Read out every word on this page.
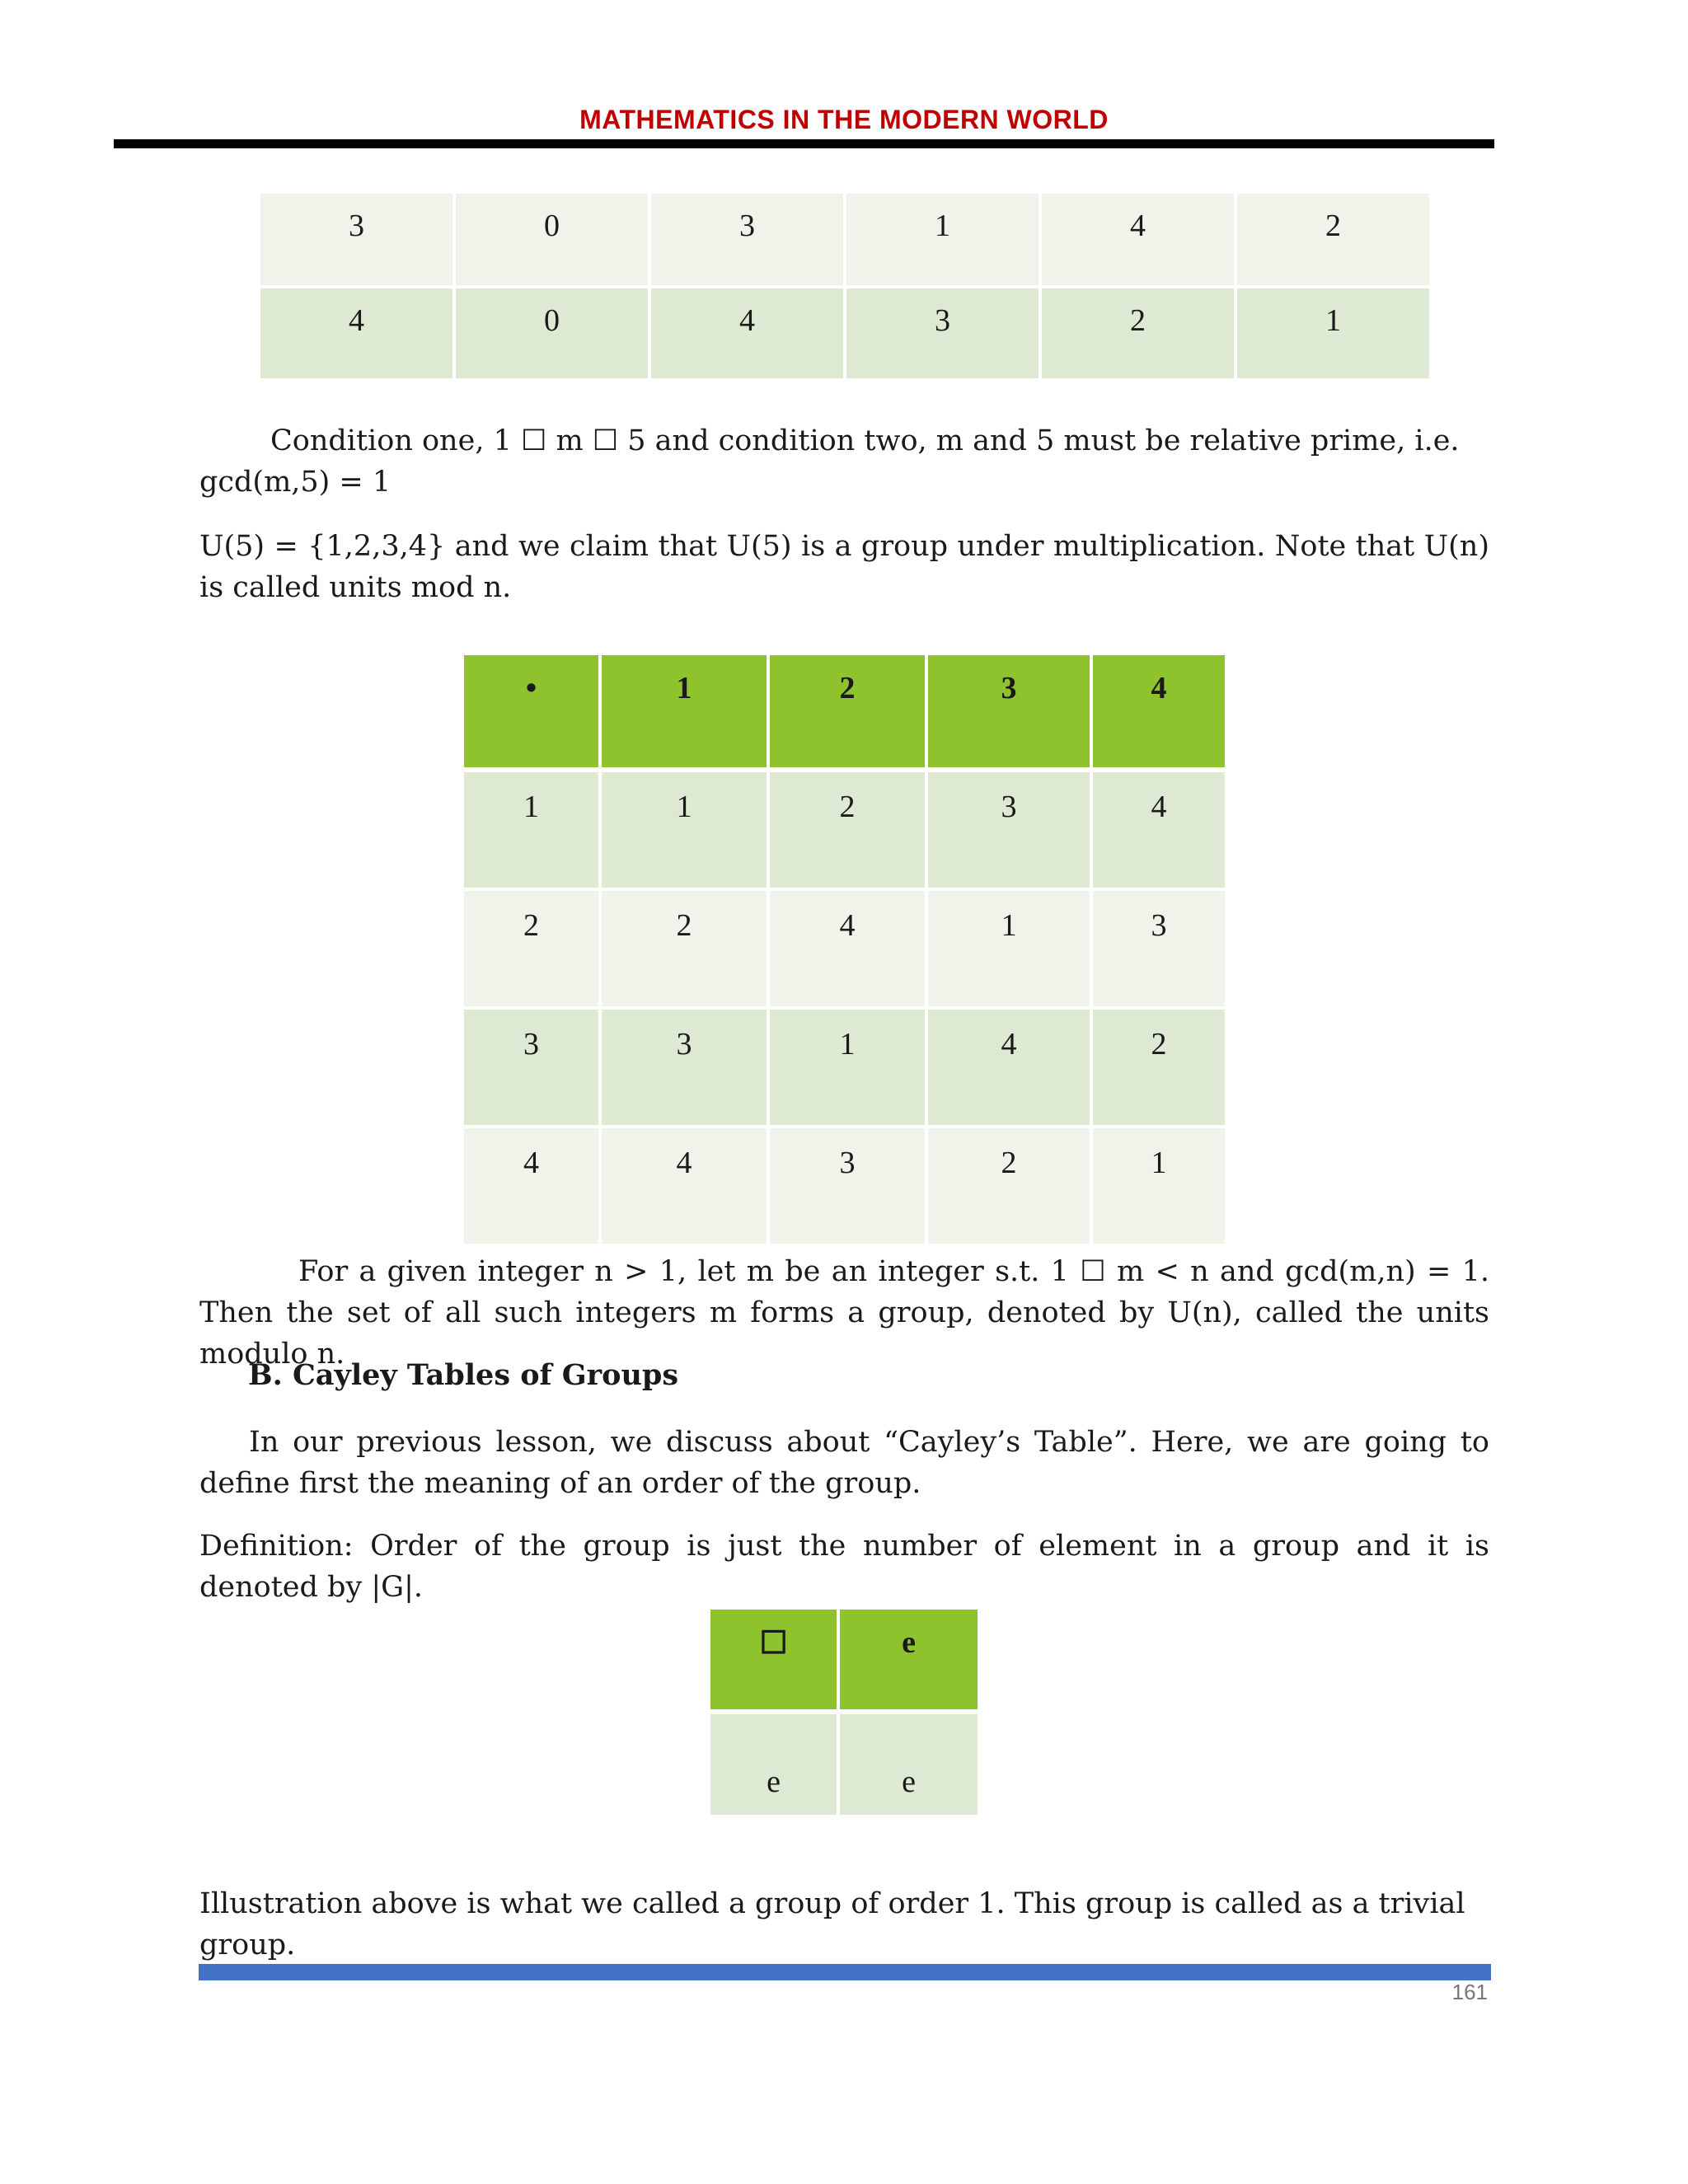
MATHEMATICS IN THE MODERN WORLD
3	0	3	1	4	2

4	0	4	3	2	1

Condition one, 1 ☐ m ☐ 5 and condition two, m and 5 must be relative prime, i.e. gcd(m,5) = 1

U(5) = {1,2,3,4} and we claim that U(5) is a group under multiplication. Note that U(n) is called units mod n.

•	1	2	3	4

1	1	2	3	4

2	2	4	1	3

3	3	1	4	2

4	4	3	2	1

For a given integer n > 1, let m be an integer s.t. 1 ☐ m < n and gcd(m,n) = 1. Then the set of all such integers m forms a group, denoted by U(n), called the units modulo n.

B. Cayley Tables of Groups

In our previous lesson, we discuss about “Cayley’s Table”. Here, we are going to define first the meaning of an order of the group.

Definition: Order of the group is just the number of element in a group and it is denoted by |G|.

☐	e

e	e

Illustration above is what we called a group of order 1. This group is called as a trivial group.

161
